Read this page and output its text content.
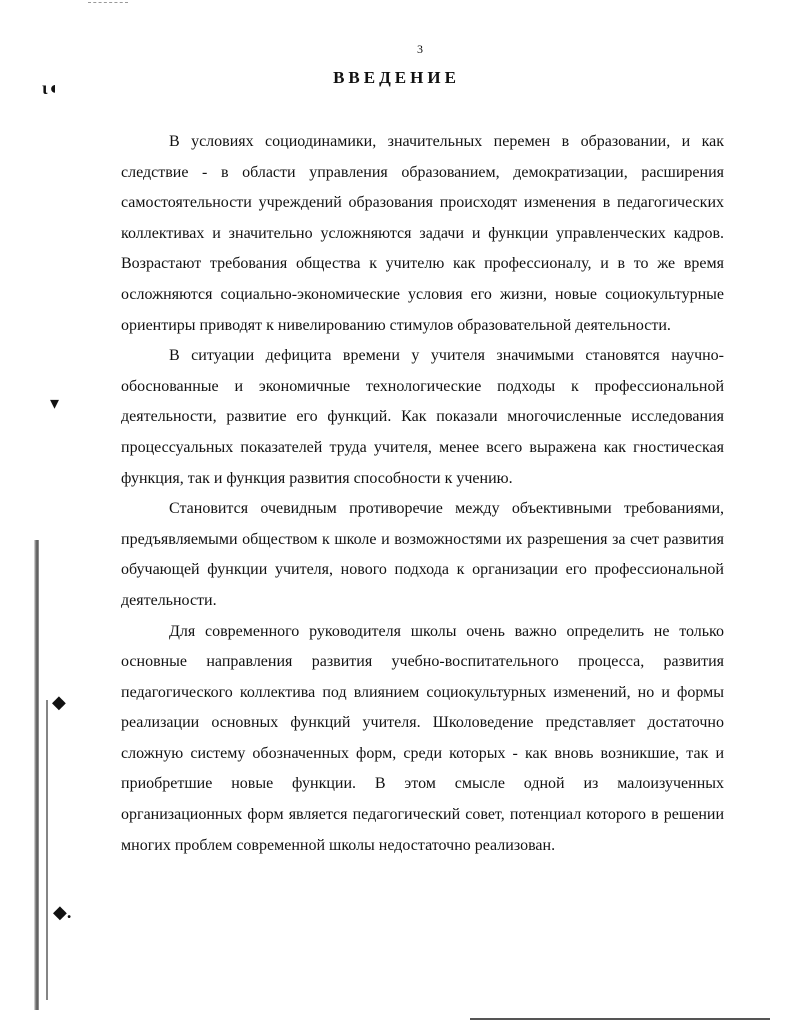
ɩ◖
▾
◆
◆.
3
ВВЕДЕНИЕ

В условиях социодинамики, значительных перемен в образовании, и как следствие - в области управления образованием, демократизации, расширения самостоятельности учреждений образования происходят изменения в педагогических коллективах и значительно усложняются задачи и функции управленческих кадров. Возрастают требования общества к учителю как профессионалу, и в то же время осложняются социально-экономические условия его жизни, новые социокультурные ориентиры приводят к нивелированию стимулов образовательной деятельности.

В ситуации дефицита времени у учителя значимыми становятся научно-обоснованные и экономичные технологические подходы к профессиональной деятельности, развитие его функций. Как показали многочисленные исследования процессуальных показателей труда учителя, менее всего выражена как гностическая функция, так и функция развития способности к учению.

Становится очевидным противоречие между объективными требованиями, предъявляемыми обществом к школе и возможностями их разрешения за счет развития обучающей функции учителя, нового подхода к организации его профессиональной деятельности.

Для современного руководителя школы очень важно определить не только основные направления развития учебно-воспитательного процесса, развития педагогического коллектива под влиянием социокультурных изменений, но и формы реализации основных функций учителя. Школоведение представляет достаточно сложную систему обозначенных форм, среди которых - как вновь возникшие, так и приобретшие новые функции. В этом смысле одной из малоизученных организационных форм является педагогический совет, потенциал которого в решении многих проблем современной школы недостаточно реализован.
